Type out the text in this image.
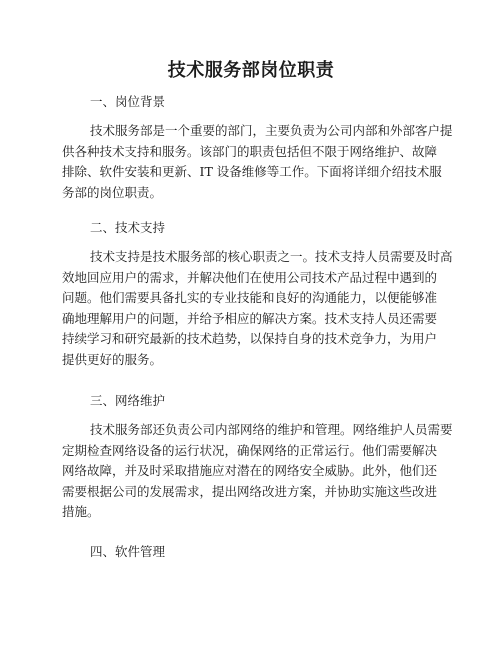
技术服务部岗位职责
一、岗位背景
技术服务部是一个重要的部门，主要负责为公司内部和外部客户提
供各种技术支持和服务。该部门的职责包括但不限于网络维护、故障
排除、软件安装和更新、IT 设备维修等工作。下面将详细介绍技术服
务部的岗位职责。
二、技术支持
技术支持是技术服务部的核心职责之一。技术支持人员需要及时高
效地回应用户的需求，并解决他们在使用公司技术产品过程中遇到的
问题。他们需要具备扎实的专业技能和良好的沟通能力，以便能够准
确地理解用户的问题，并给予相应的解决方案。技术支持人员还需要
持续学习和研究最新的技术趋势，以保持自身的技术竞争力，为用户
提供更好的服务。
三、网络维护
技术服务部还负责公司内部网络的维护和管理。网络维护人员需要
定期检查网络设备的运行状况，确保网络的正常运行。他们需要解决
网络故障，并及时采取措施应对潜在的网络安全威胁。此外，他们还
需要根据公司的发展需求，提出网络改进方案，并协助实施这些改进
措施。
四、软件管理
